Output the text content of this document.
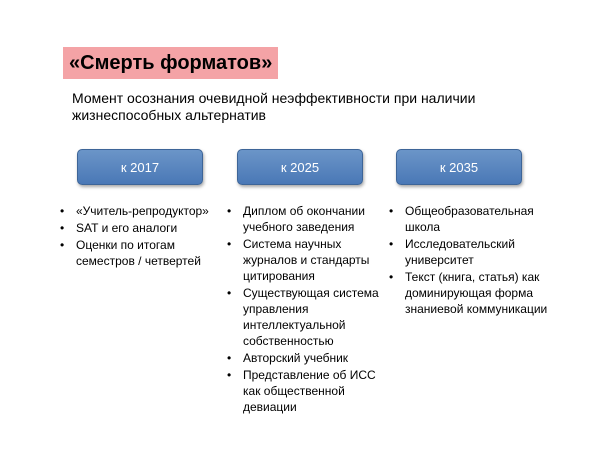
«Смерть форматов»
Момент осознания очевидной неэффективности при наличии жизнеспособных альтернатив
к 2017	к 2025	к 2035
• «Учитель-репродуктор»
• SAT и его аналоги
• Оценки по итогам семестров / четвертей
• Диплом об окончании учебного заведения
• Система научных журналов и стандарты цитирования
• Существующая система управления интеллектуальной собственностью
• Авторский учебник
• Представление об ИСС как общественной девиации
• Общеобразовательная школа
• Исследовательский университет
• Текст (книга, статья) как доминирующая форма знаниевой коммуникации
